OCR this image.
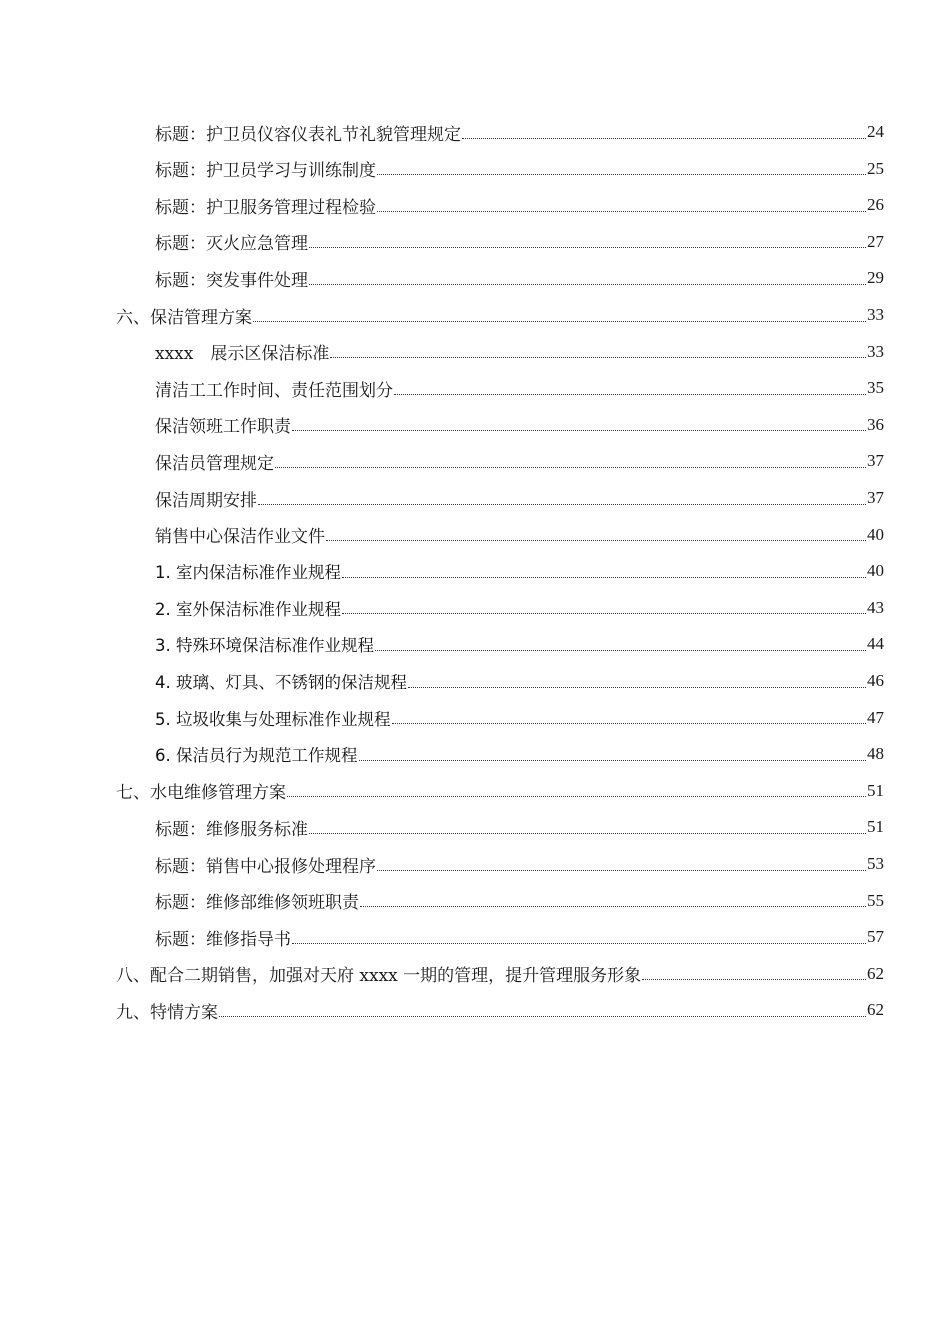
标题：护卫员仪容仪表礼节礼貌管理规定	24
标题：护卫员学习与训练制度	25
标题：护卫服务管理过程检验	26
标题：灭火应急管理	27
标题：突发事件处理	29
六、保洁管理方案	33
xxxx　展示区保洁标准	33
清洁工工作时间、责任范围划分	35
保洁领班工作职责	36
保洁员管理规定	37
保洁周期安排	37
销售中心保洁作业文件	40
1. 室内保洁标准作业规程	40
2. 室外保洁标准作业规程	43
3. 特殊环境保洁标准作业规程	44
4. 玻璃、灯具、不锈钢的保洁规程	46
5. 垃圾收集与处理标准作业规程	47
6. 保洁员行为规范工作规程	48
七、水电维修管理方案	51
标题：维修服务标准	51
标题：销售中心报修处理程序	53
标题：维修部维修领班职责	55
标题：维修指导书	57
八、配合二期销售，加强对天府 xxxx 一期的管理，提升管理服务形象	62
九、特情方案	62
